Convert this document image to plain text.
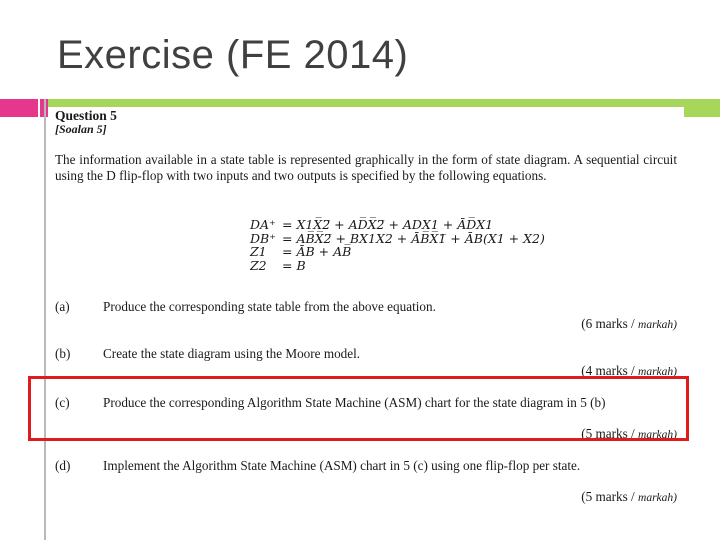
Exercise (FE 2014)
Question 5
[Soalan 5]
The information available in a state table is represented graphically in the form of state diagram. A sequential circuit using the D flip-flop with two inputs and two outputs is specified by the following equations.
DA⁺ = X1X̅2̅ + AD̅X̅2̅ + ADX1 + ĀD̅X1
DB⁺ = AB̅X̅2̅ + BX1X2 + ĀB̅X̅1̅ + ĀB(X1 + X2)
Z1	= ĀB + AB̅
Z2	= B
(a)	Produce the corresponding state table from the above equation.
(6 marks / markah)
(b) Create the state diagram using the Moore model.
(4 marks / markah)
(c)	Produce the corresponding Algorithm State Machine (ASM) chart for the state diagram in 5 (b)
(5 marks / markah)
(d) Implement the Algorithm State Machine (ASM) chart in 5 (c) using one flip-flop per state.
(5 marks / markah)
